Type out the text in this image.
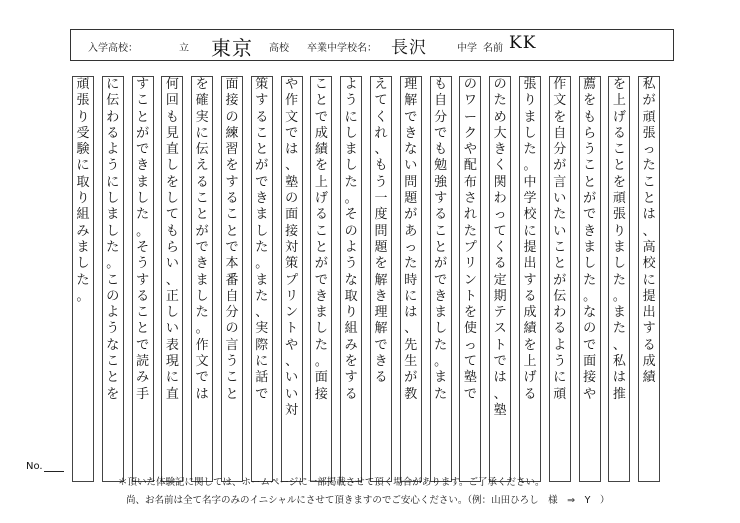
入学高校：	立 東京 高校 卒業中学校名： 長沢	中学 名前 KK
私
が
頑
張
っ
た
こ
と
は
、
高
校
に
提
出
す
る
成
績
を
上
げ
る
こ
と
を
頑
張
り
ま
し
た
。
ま
た
、
私
は
推
薦
を
も
ら
う
こ
と
が
で
き
ま
し
た
。
な
の
で
面
接
や
作
文
を
自
分
が
言
い
た
い
こ
と
が
伝
わ
る
よ
う
に
頑
張
り
ま
し
た
。
中
学
校
に
提
出
す
る
成
績
を
上
げ
る
の
た
め
大
き
く
関
わ
っ
て
く
る
定
期
テ
ス
ト
で
は
、
塾
の
ワ
ー
ク
や
配
布
さ
れ
た
プ
リ
ン
ト
を
使
っ
て
塾
で
も
自
分
で
も
勉
強
す
る
こ
と
が
で
き
ま
し
た
。
ま
た
理
解
で
き
な
い
問
題
が
あ
っ
た
時
に
は
、
先
生
が
教
え
て
く
れ
、
も
う
一
度
問
題
を
解
き
理
解
で
き
る
よ
う
に
し
ま
し
た
。
そ
の
よ
う
な
取
り
組
み
を
す
る
こ
と
で
成
績
を
上
げ
る
こ
と
が
で
き
ま
し
た
。
面
接
や
作
文
で
は
、
塾
の
面
接
対
策
プ
リ
ン
ト
や
、
い
い
対
策
す
る
こ
と
が
で
き
ま
し
た
。
ま
た
、
実
際
に
話
で
面
接
の
練
習
を
す
る
こ
と
で
本
番
自
分
の
言
う
こ
と
を
確
実
に
伝
え
る
こ
と
が
で
き
ま
し
た
。
作
文
で
は
何
回
も
見
直
し
を
し
て
も
ら
い
、
正
し
い
表
現
に
直
す
こ
と
が
で
き
ま
し
た
。
そ
う
す
る
こ
と
で
読
み
手
に
伝
わ
る
よ
う
に
し
ま
し
た
。
こ
の
よ
う
な
こ
と
を
頑
張
り
受
験
に
取
り
組
み
ま
し
た
。
No.
＊頂いた体験記に関しては、ホームページに一部掲載させて頂く場合があります。ご了承ください。
尚、お名前は全て名字のみのイニシャルにさせて頂きますのでご安心ください。（例：山田ひろし　様　⇒　Y　）
